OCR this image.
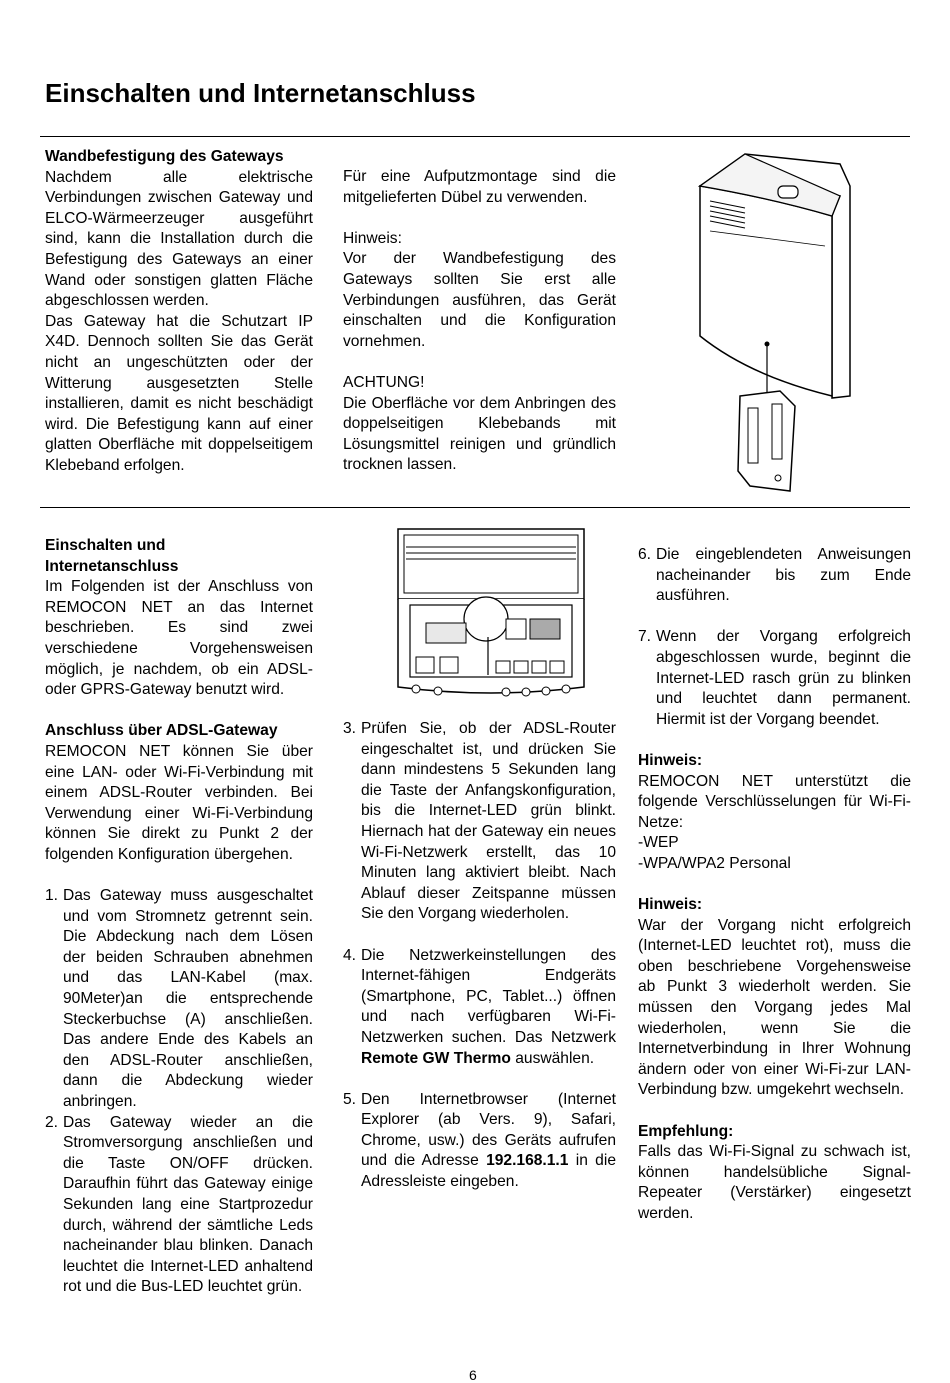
Einschalten und Internetanschluss

Wandbefestigung des Gateways

Nachdem alle elektrische Verbindungen zwischen Gateway und ELCO-Wärmeerzeuger ausgeführt sind, kann die Installation durch die Befestigung des Gateways an einer Wand oder sonstigen glatten Fläche abgeschlossen werden.

Das Gateway hat die Schutzart IP X4D. Dennoch sollten Sie das Gerät nicht an ungeschützten oder der Witterung ausgesetzten Stelle installieren, damit es nicht beschädigt wird. Die Befestigung kann auf einer glatten Oberfläche mit doppelseitigem Klebeband erfolgen.

Für eine Aufputzmontage sind die mitgelieferten Dübel zu verwenden.

Hinweis:

Vor der Wandbefestigung des Gateways sollten Sie erst alle Verbindungen ausführen, das Gerät einschalten und die Konfiguration vornehmen.

ACHTUNG!

Die Oberfläche vor dem Anbringen des doppelseitigen Klebebands mit Lösungsmittel reinigen und gründlich trocknen lassen.

Einschalten und Internetanschluss

Im Folgenden ist der Anschluss von REMOCON NET an das Internet beschrieben. Es sind zwei verschiedene Vorgehensweisen möglich, je nachdem, ob ein ADSL- oder GPRS-Gateway benutzt wird.

Anschluss über ADSL-Gateway

REMOCON NET können Sie über eine LAN- oder Wi-Fi-Verbindung mit einem ADSL-Router verbinden. Bei Verwendung einer Wi-Fi-Verbindung können Sie direkt zu Punkt 2 der folgenden Konfiguration übergehen.

1. Das Gateway muss ausgeschaltet und vom Stromnetz getrennt sein. Die Abdeckung nach dem Lösen der beiden Schrauben abnehmen und das LAN-Kabel (max. 90Meter)an die entsprechende Steckerbuchse (A) anschließen. Das andere Ende des Kabels an den ADSL-Router anschließen, dann die Abdeckung wieder anbringen.
2. Das Gateway wieder an die Stromversorgung anschließen und die Taste ON/OFF drücken. Daraufhin führt das Gateway einige Sekunden lang eine Startprozedur durch, während der sämtliche Leds nacheinander blau blinken. Danach leuchtet die Internet-LED anhaltend rot und die Bus-LED leuchtet grün.
3. Prüfen Sie, ob der ADSL-Router eingeschaltet ist, und drücken Sie dann mindestens 5 Sekunden lang die Taste der Anfangskonfiguration, bis die Internet-LED grün blinkt. Hiernach hat der Gateway ein neues Wi-Fi-Netzwerk erstellt, das 10 Minuten lang aktiviert bleibt. Nach Ablauf dieser Zeitspanne müssen Sie den Vorgang wiederholen.
4. Die Netzwerkeinstellungen des Internet-fähigen Endgeräts (Smartphone, PC, Tablet...) öffnen und nach verfügbaren Wi-Fi-Netzwerken suchen. Das Netzwerk Remote GW Thermo auswählen.
5. Den Internetbrowser (Internet Explorer (ab Vers. 9), Safari, Chrome, usw.) des Geräts aufrufen und die Adresse 192.168.1.1 in die Adressleiste eingeben.
6. Die eingeblendeten Anweisungen nacheinander bis zum Ende ausführen.
7. Wenn der Vorgang erfolgreich abgeschlossen wurde, beginnt die Internet-LED rasch grün zu blinken und leuchtet dann permanent. Hiermit ist der Vorgang beendet.

Hinweis:

REMOCON NET unterstützt die folgende Verschlüsselungen für Wi-Fi-Netze:

-WEP

-WPA/WPA2 Personal

Hinweis:

War der Vorgang nicht erfolgreich (Internet-LED leuchtet rot), muss die oben beschriebene Vorgehensweise ab Punkt 3 wiederholt werden. Sie müssen den Vorgang jedes Mal wiederholen, wenn Sie die Internetverbindung in Ihrer Wohnung ändern oder von einer Wi-Fi-zur LAN-Verbindung bzw. umgekehrt wechseln.

Empfehlung:

Falls das Wi-Fi-Signal zu schwach ist, können handelsübliche Signal-Repeater (Verstärker) eingesetzt werden.

6
